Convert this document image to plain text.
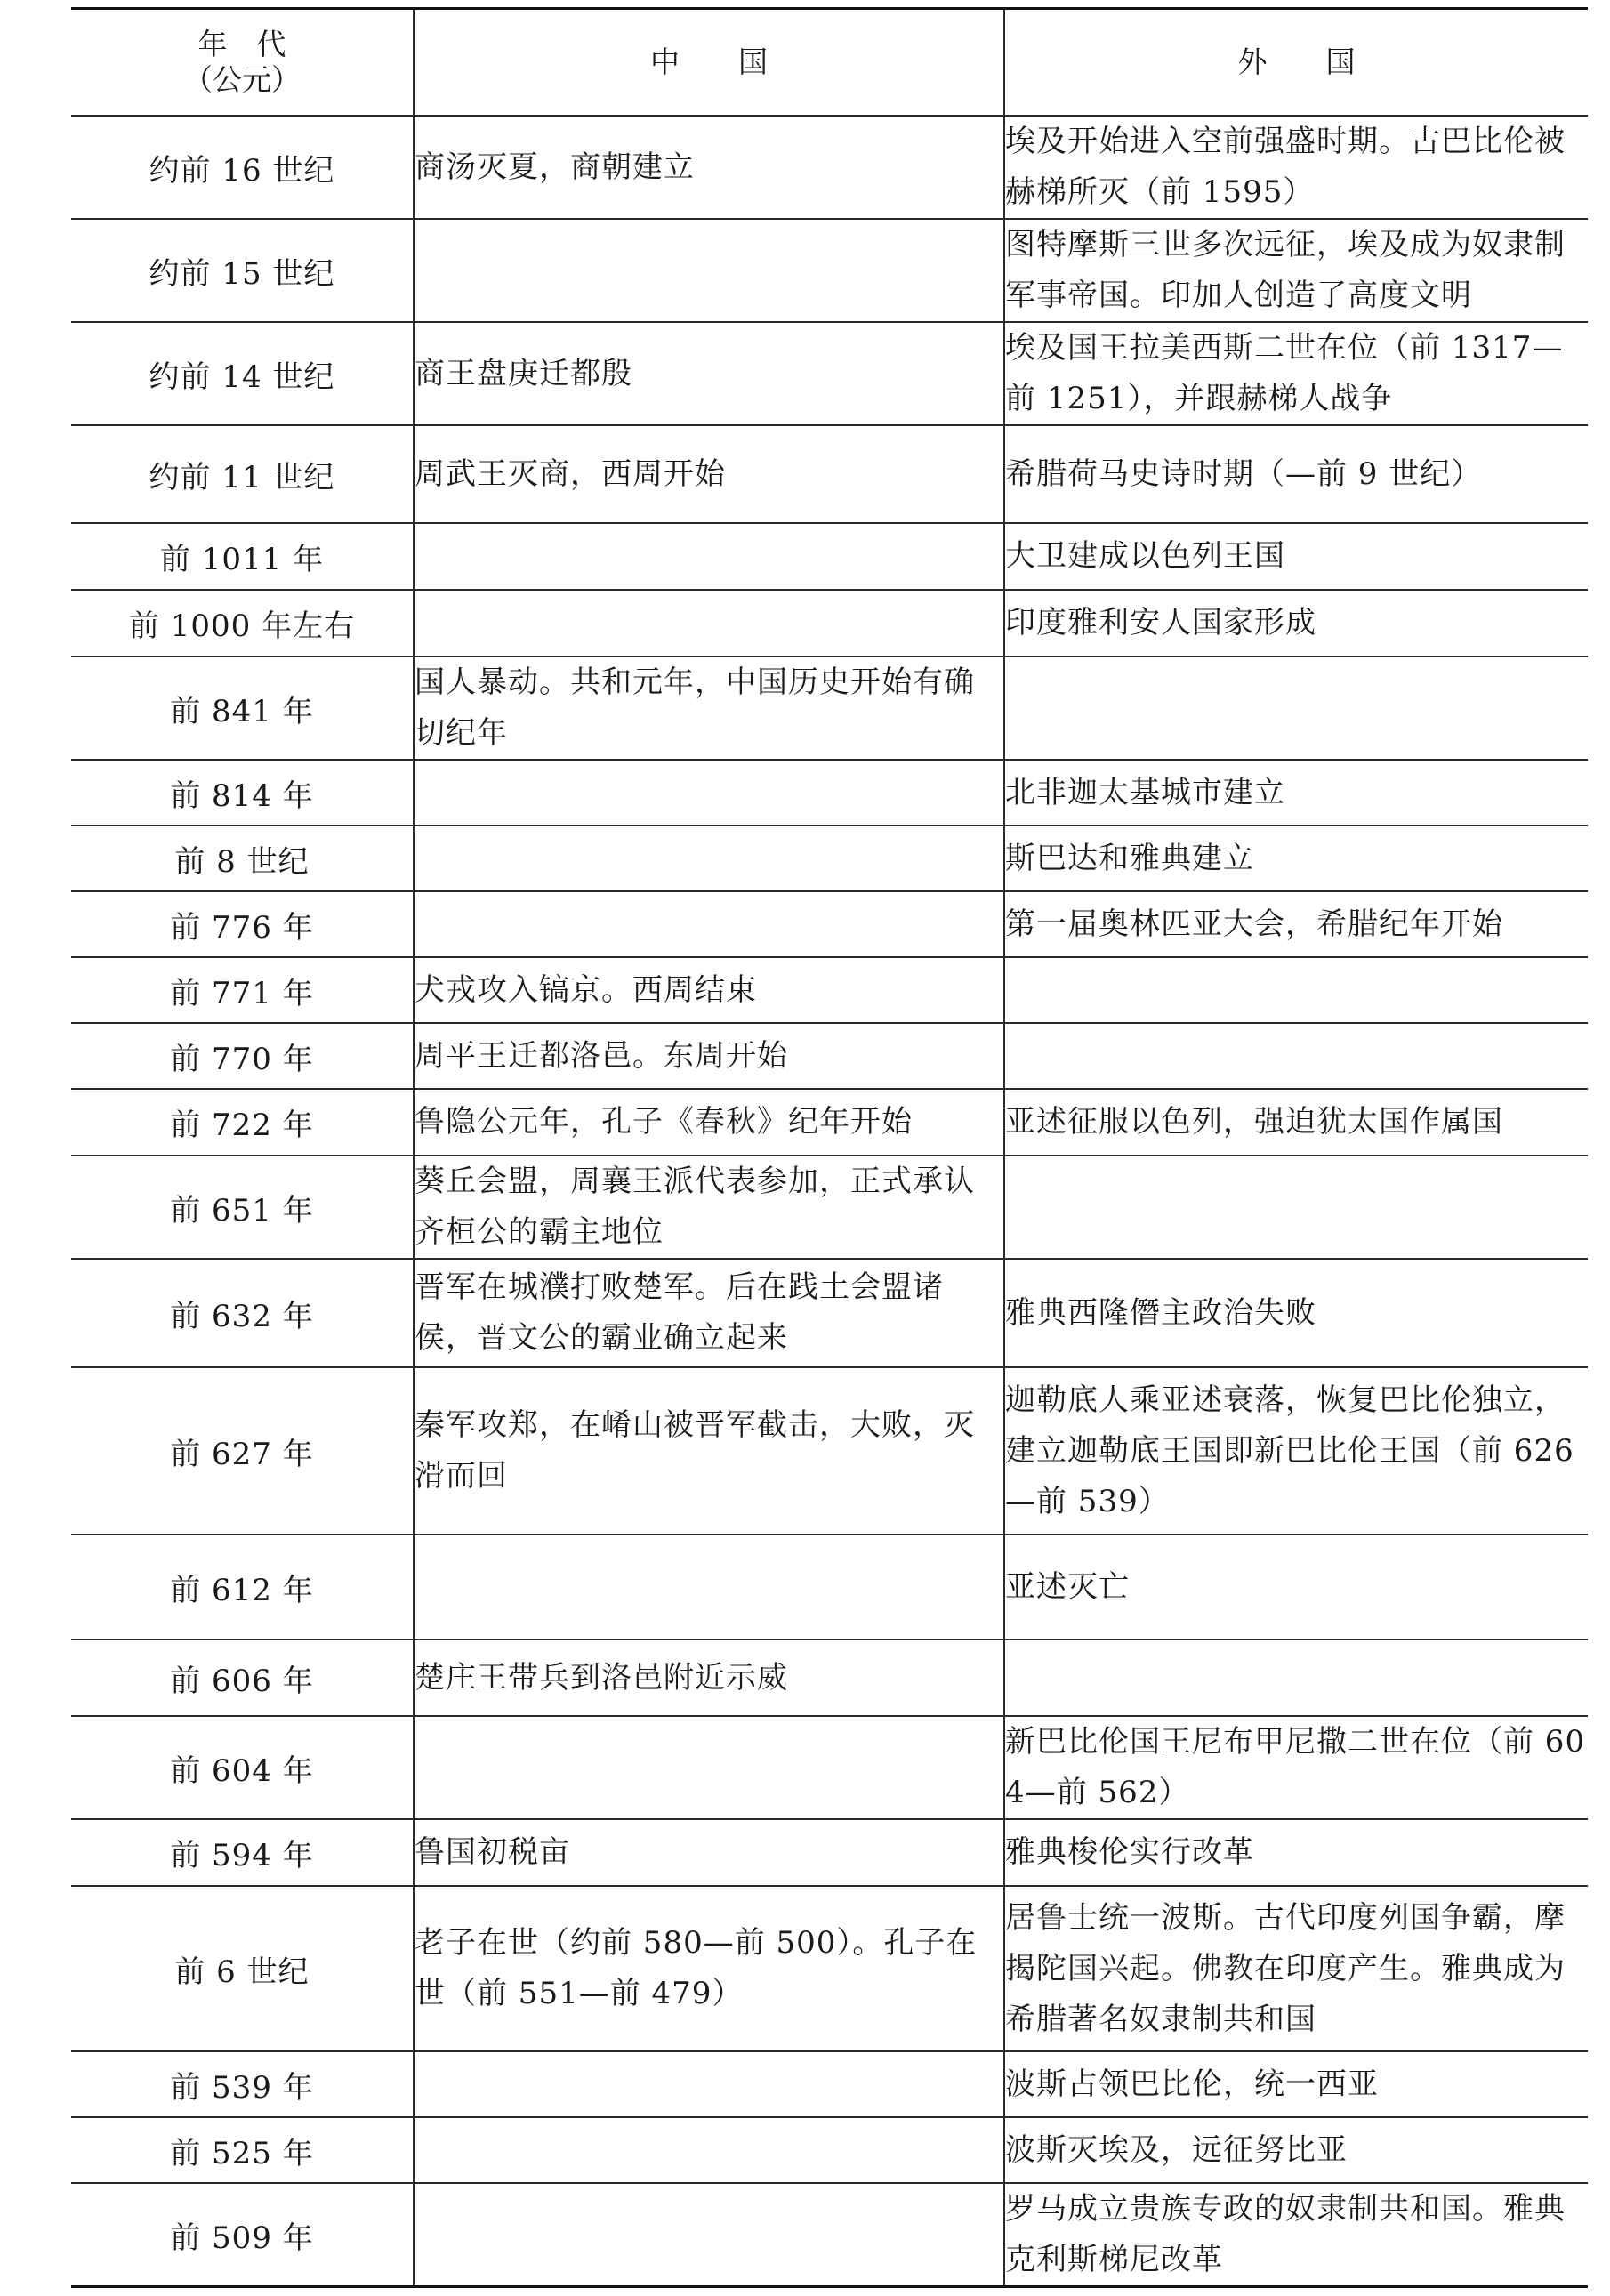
年　代
（公元）	中　　国	外　　国
约前 16 世纪	商汤灭夏，商朝建立	埃及开始进入空前强盛时期。古巴比伦被赫梯所灭（前 1595）
约前 15 世纪		图特摩斯三世多次远征，埃及成为奴隶制军事帝国。印加人创造了高度文明
约前 14 世纪	商王盘庚迁都殷	埃及国王拉美西斯二世在位（前 1317—前 1251），并跟赫梯人战争
约前 11 世纪	周武王灭商，西周开始	希腊荷马史诗时期（—前 9 世纪）
前 1011 年		大卫建成以色列王国
前 1000 年左右		印度雅利安人国家形成
前 841 年	国人暴动。共和元年，中国历史开始有确切纪年	
前 814 年		北非迦太基城市建立
前 8 世纪		斯巴达和雅典建立
前 776 年		第一届奥林匹亚大会，希腊纪年开始
前 771 年	犬戎攻入镐京。西周结束	
前 770 年	周平王迁都洛邑。东周开始	
前 722 年	鲁隐公元年，孔子《春秋》纪年开始	亚述征服以色列，强迫犹太国作属国
前 651 年	葵丘会盟，周襄王派代表参加，正式承认齐桓公的霸主地位	
前 632 年	晋军在城濮打败楚军。后在践土会盟诸侯，晋文公的霸业确立起来	雅典西隆僭主政治失败
前 627 年	秦军攻郑，在崤山被晋军截击，大败，灭滑而回	迦勒底人乘亚述衰落，恢复巴比伦独立，建立迦勒底王国即新巴比伦王国（前 626—前 539）
前 612 年		亚述灭亡
前 606 年	楚庄王带兵到洛邑附近示威	
前 604 年		新巴比伦国王尼布甲尼撒二世在位（前 604—前 562）
前 594 年	鲁国初税亩	雅典梭伦实行改革
前 6 世纪	老子在世（约前 580—前 500）。孔子在世（前 551—前 479）	居鲁士统一波斯。古代印度列国争霸，摩揭陀国兴起。佛教在印度产生。雅典成为希腊著名奴隶制共和国
前 539 年		波斯占领巴比伦，统一西亚
前 525 年		波斯灭埃及，远征努比亚
前 509 年		罗马成立贵族专政的奴隶制共和国。雅典克利斯梯尼改革
